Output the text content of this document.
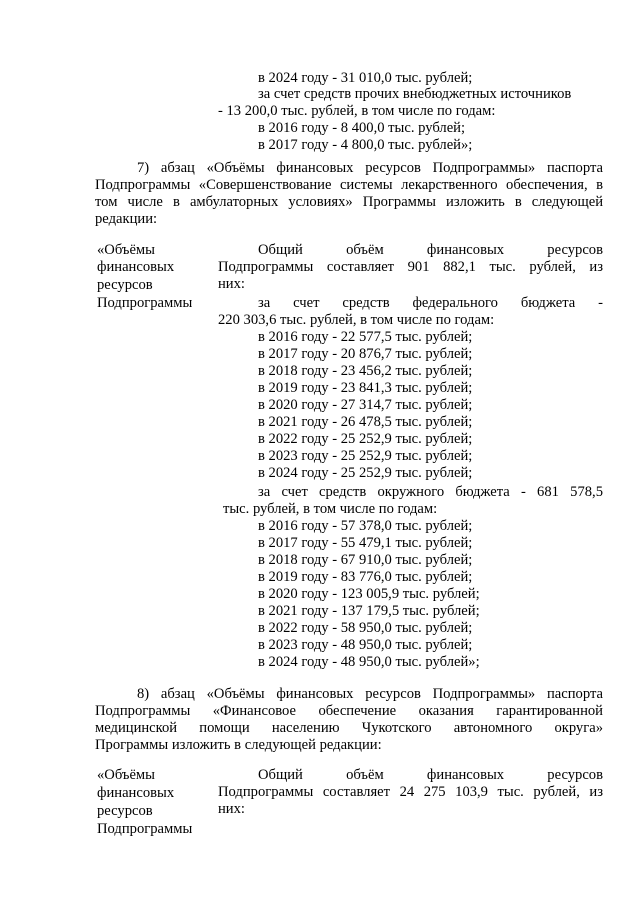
в 2024 году - 31 010,0 тыс. рублей;
за счет средств прочих внебюджетных источников
- 13 200,0 тыс. рублей, в том числе по годам:
в 2016 году - 8 400,0 тыс. рублей;
в 2017 году - 4 800,0 тыс. рублей»;
7) абзац «Объёмы финансовых ресурсов Подпрограммы» паспорта
Подпрограммы «Совершенствование системы лекарственного обеспечения, в
том числе в амбулаторных условиях» Программы изложить в следующей
редакции:
«Объёмы
финансовых
ресурсов
Подпрограммы
Общий объём финансовых ресурсов
Подпрограммы составляет 901 882,1 тыс. рублей, из
них:
за счет средств федерального бюджета -
220 303,6 тыс. рублей, в том числе по годам:
в 2016 году - 22 577,5 тыс. рублей;
в 2017 году - 20 876,7 тыс. рублей;
в 2018 году - 23 456,2 тыс. рублей;
в 2019 году - 23 841,3 тыс. рублей;
в 2020 году - 27 314,7 тыс. рублей;
в 2021 году - 26 478,5 тыс. рублей;
в 2022 году - 25 252,9 тыс. рублей;
в 2023 году - 25 252,9 тыс. рублей;
в 2024 году - 25 252,9 тыс. рублей;
за счет средств окружного бюджета - 681 578,5
тыс. рублей, в том числе по годам:
в 2016 году - 57 378,0 тыс. рублей;
в 2017 году - 55 479,1 тыс. рублей;
в 2018 году - 67 910,0 тыс. рублей;
в 2019 году - 83 776,0 тыс. рублей;
в 2020 году - 123 005,9 тыс. рублей;
в 2021 году - 137 179,5 тыс. рублей;
в 2022 году - 58 950,0 тыс. рублей;
в 2023 году - 48 950,0 тыс. рублей;
в 2024 году - 48 950,0 тыс. рублей»;
8) абзац «Объёмы финансовых ресурсов Подпрограммы» паспорта
Подпрограммы «Финансовое обеспечение оказания гарантированной
медицинской помощи населению Чукотского автономного округа»
Программы изложить в следующей редакции:
«Объёмы
финансовых
ресурсов
Подпрограммы
Общий объём финансовых ресурсов
Подпрограммы составляет 24 275 103,9 тыс. рублей, из
них:
